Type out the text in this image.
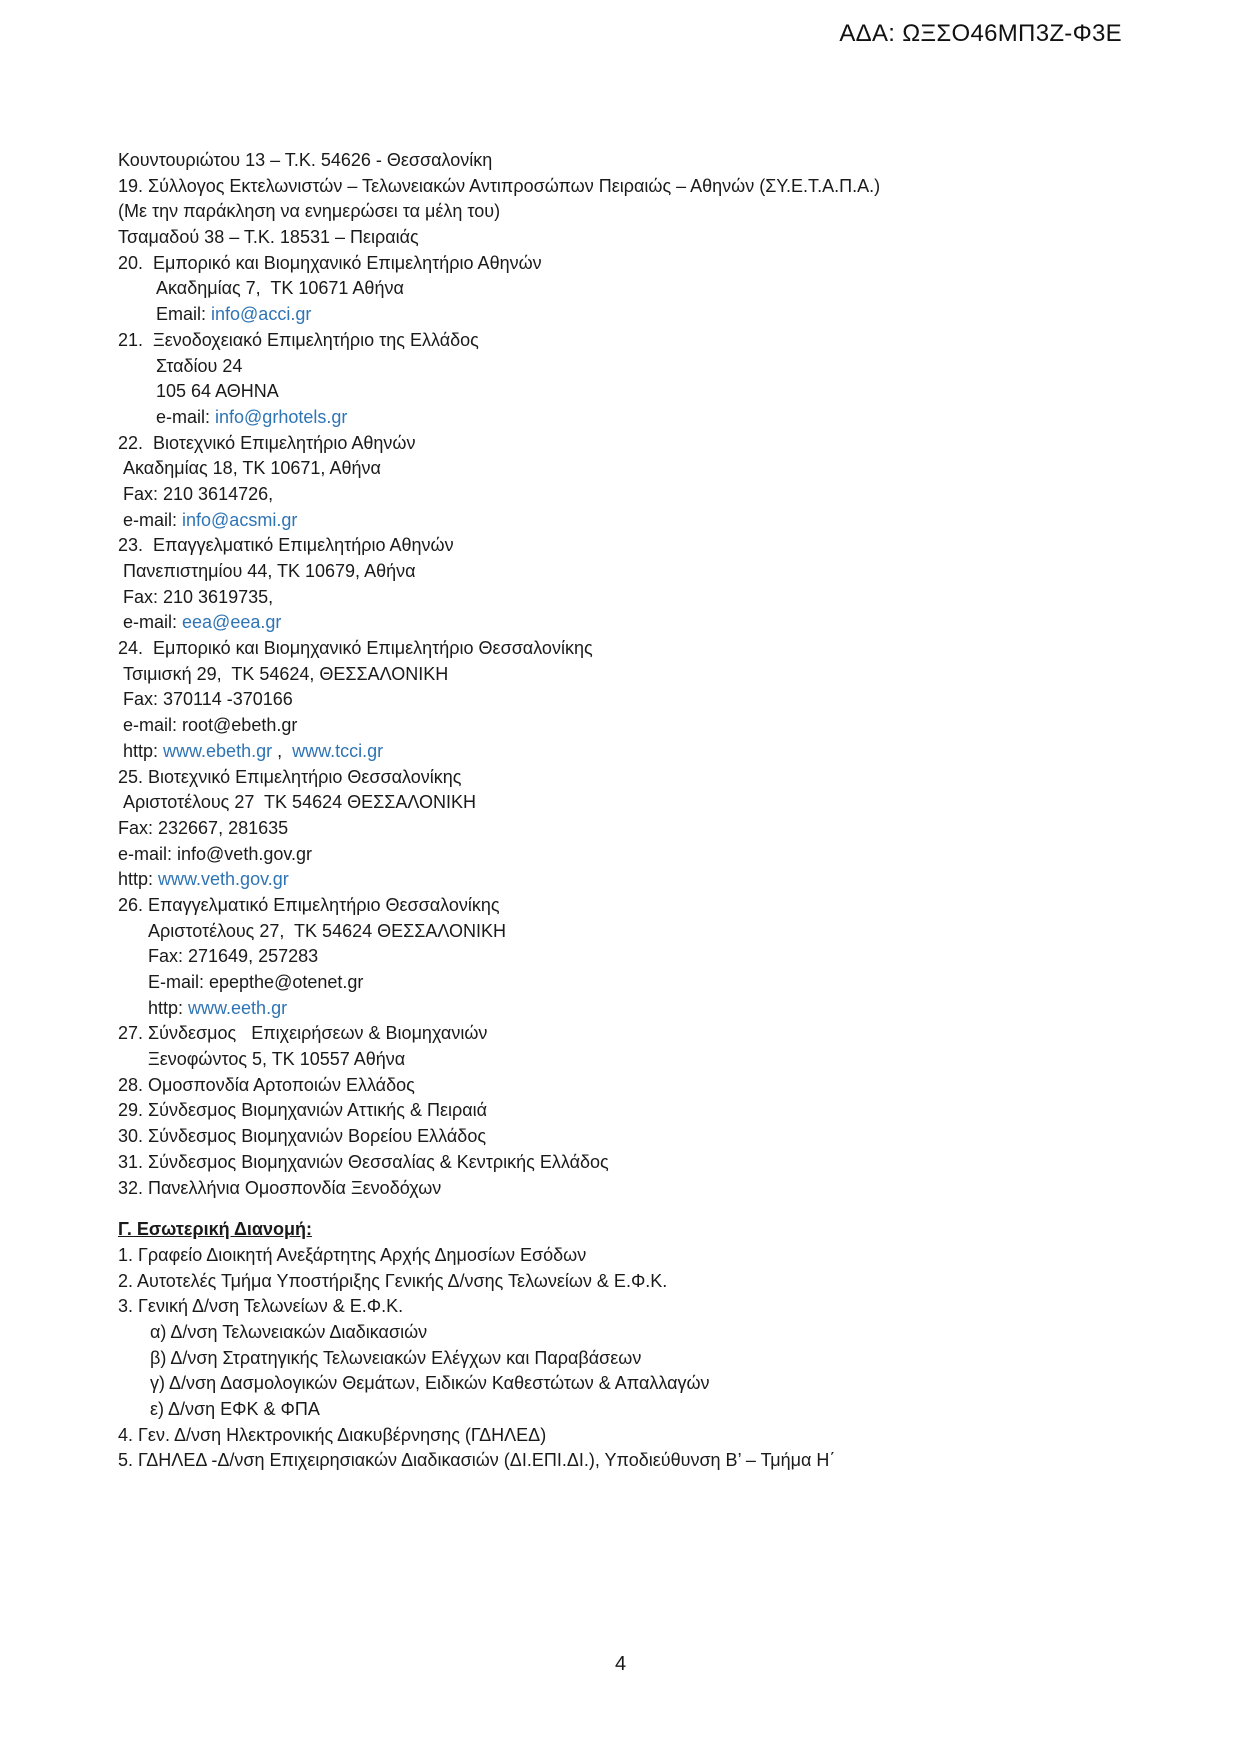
ΑΔΑ: ΩΞΣΟ46ΜΠ3Ζ-Φ3Ε
Κουντουριώτου 13 – Τ.Κ. 54626 - Θεσσαλονίκη
19. Σύλλογος Εκτελωνιστών – Τελωνειακών Αντιπροσώπων Πειραιώς – Αθηνών (ΣΥ.Ε.Τ.Α.Π.Α.)
(Με την παράκληση να ενημερώσει τα μέλη του)
Τσαμαδού 38 – Τ.Κ. 18531 – Πειραιάς
20.  Εμπορικό και Βιομηχανικό Επιμελητήριο Αθηνών
Ακαδημίας 7,  ΤΚ 10671 Αθήνα
Email: info@acci.gr
21.  Ξενοδοχειακό Επιμελητήριο της Ελλάδος
Σταδίου 24
105 64 ΑΘΗΝΑ
e-mail: info@grhotels.gr
22.  Βιοτεχνικό Επιμελητήριο Αθηνών
Ακαδημίας 18, ΤΚ 10671, Αθήνα
Fax: 210 3614726,
e-mail: info@acsmi.gr
23.  Επαγγελματικό Επιμελητήριο Αθηνών
Πανεπιστημίου 44, ΤΚ 10679, Αθήνα
Fax: 210 3619735,
e-mail: eea@eea.gr
24.  Εμπορικό και Βιομηχανικό Επιμελητήριο Θεσσαλονίκης
Τσιμισκή 29,  ΤΚ 54624, ΘΕΣΣΑΛΟΝΙΚΗ
Fax: 370114 -370166
e-mail: root@ebeth.gr
http: www.ebeth.gr ,  www.tcci.gr
25. Βιοτεχνικό Επιμελητήριο Θεσσαλονίκης
Αριστοτέλους 27  ΤΚ 54624 ΘΕΣΣΑΛΟΝΙΚΗ
Fax: 232667, 281635
e-mail: info@veth.gov.gr
http: www.veth.gov.gr
26. Επαγγελματικό Επιμελητήριο Θεσσαλονίκης
Αριστοτέλους 27,  ΤΚ 54624 ΘΕΣΣΑΛΟΝΙΚΗ
Fax: 271649, 257283
E-mail: epepthe@otenet.gr
http: www.eeth.gr
27. Σύνδεσμος   Επιχειρήσεων & Βιομηχανιών
Ξενοφώντος 5, ΤΚ 10557 Αθήνα
28. Ομοσπονδία Αρτοποιών Ελλάδος
29. Σύνδεσμος Βιομηχανιών Αττικής & Πειραιά
30. Σύνδεσμος Βιομηχανιών Βορείου Ελλάδος
31. Σύνδεσμος Βιομηχανιών Θεσσαλίας & Κεντρικής Ελλάδος
32. Πανελλήνια Ομοσπονδία Ξενοδόχων
Γ. Εσωτερική Διανομή:
1. Γραφείο Διοικητή Ανεξάρτητης Αρχής Δημοσίων Εσόδων
2. Αυτοτελές Τμήμα Υποστήριξης Γενικής Δ/νσης Τελωνείων & Ε.Φ.Κ.
3. Γενική Δ/νση Τελωνείων & Ε.Φ.Κ.
α) Δ/νση Τελωνειακών Διαδικασιών
β) Δ/νση Στρατηγικής Τελωνειακών Ελέγχων και Παραβάσεων
γ) Δ/νση Δασμολογικών Θεμάτων, Ειδικών Καθεστώτων & Απαλλαγών
ε) Δ/νση ΕΦΚ & ΦΠΑ
4. Γεν. Δ/νση Ηλεκτρονικής Διακυβέρνησης (ΓΔΗΛΕΔ)
5. ΓΔΗΛΕΔ -Δ/νση Επιχειρησιακών Διαδικασιών (ΔΙ.ΕΠΙ.ΔΙ.), Υποδιεύθυνση Β’ – Τμήμα Η΄
4
